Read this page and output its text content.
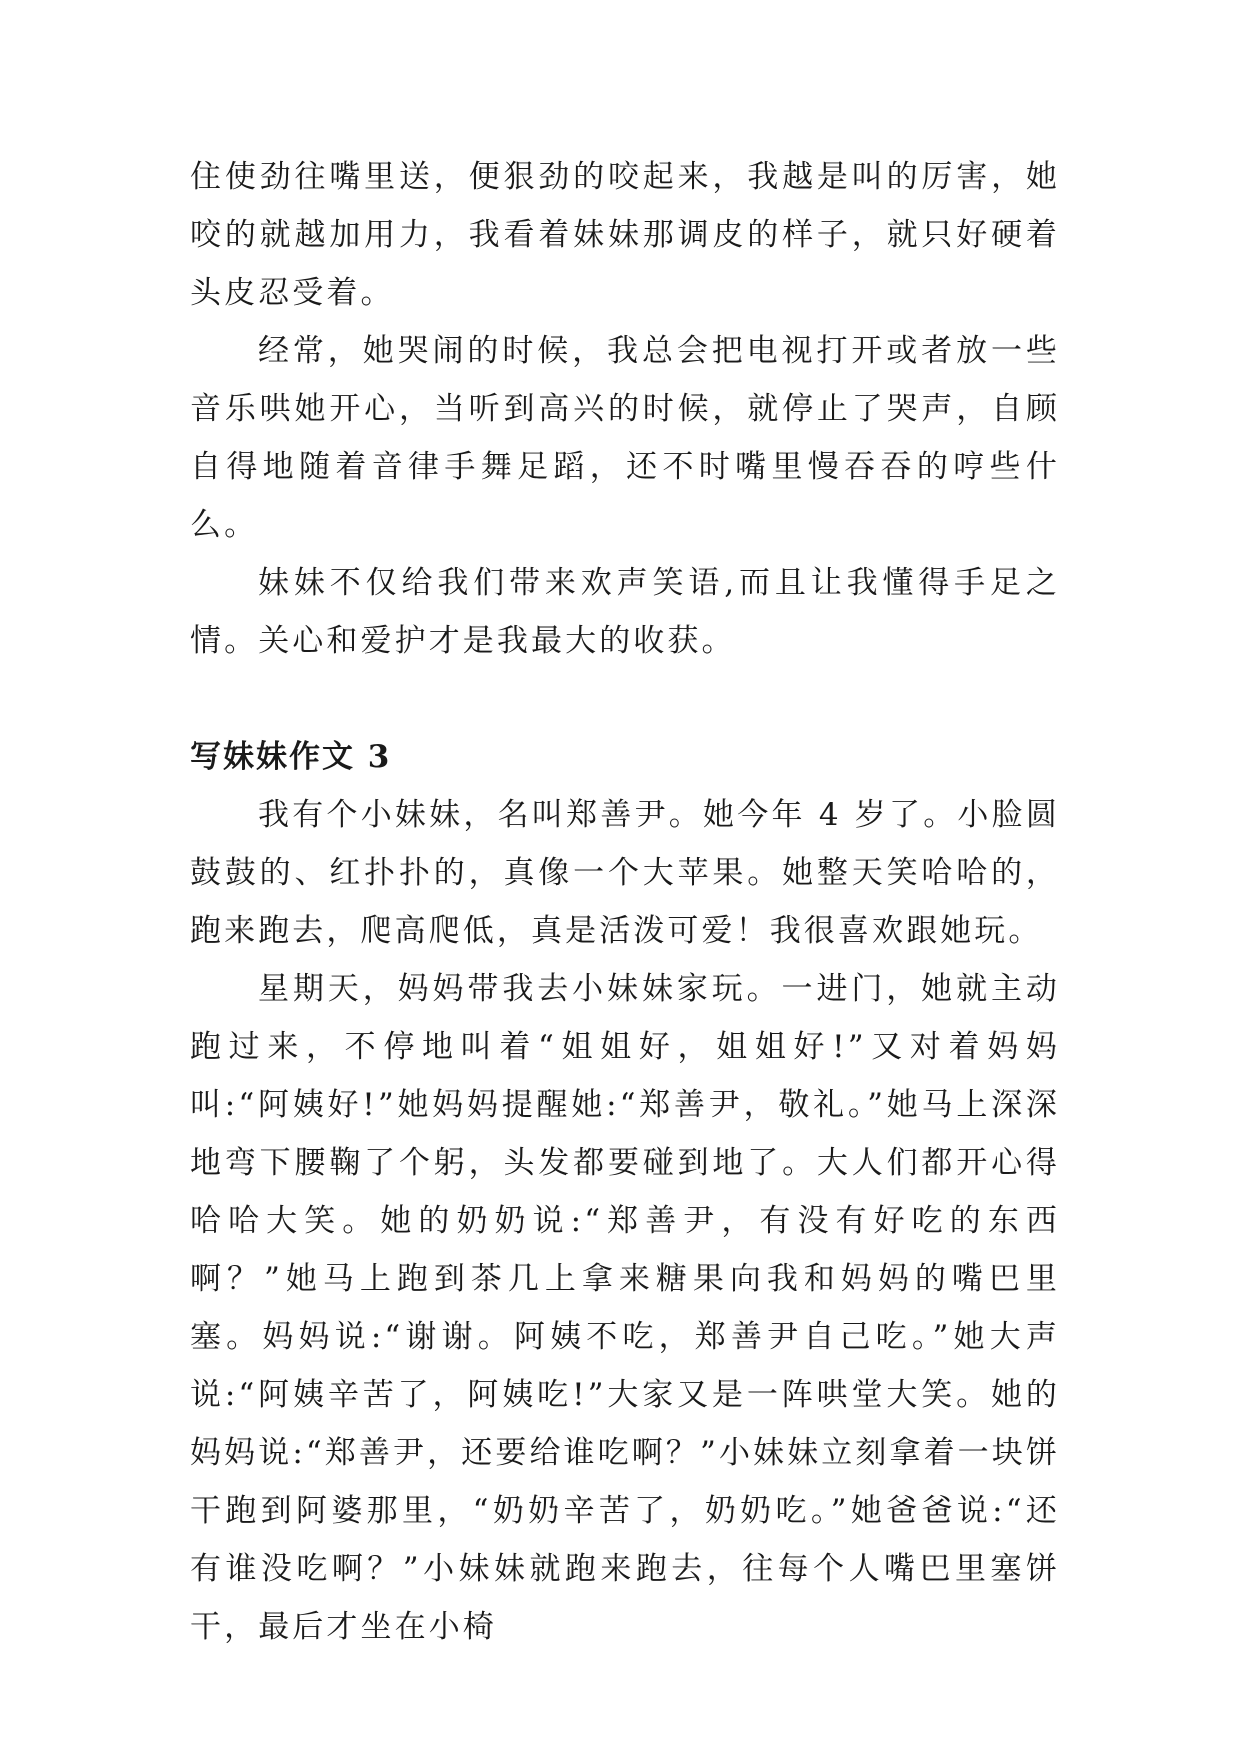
住使劲往嘴里送，便狠劲的咬起来，我越是叫的厉害，她咬的就越加用力，我看着妹妹那调皮的样子，就只好硬着头皮忍受着。

经常，她哭闹的时候，我总会把电视打开或者放一些音乐哄她开心，当听到高兴的时候，就停止了哭声，自顾自得地随着音律手舞足蹈，还不时嘴里慢吞吞的哼些什么。

妹妹不仅给我们带来欢声笑语,而且让我懂得手足之情。关心和爱护才是我最大的收获。

写妹妹作文 3

我有个小妹妹，名叫郑善尹。她今年 4 岁了。小脸圆鼓鼓的、红扑扑的，真像一个大苹果。她整天笑哈哈的，跑来跑去，爬高爬低，真是活泼可爱！我很喜欢跟她玩。

星期天，妈妈带我去小妹妹家玩。一进门，她就主动跑过来，不停地叫着“姐姐好，姐姐好!”又对着妈妈叫:“阿姨好!”她妈妈提醒她:“郑善尹，敬礼。”她马上深深地弯下腰鞠了个躬，头发都要碰到地了。大人们都开心得哈哈大笑。她的奶奶说:“郑善尹，有没有好吃的东西啊？”她马上跑到茶几上拿来糖果向我和妈妈的嘴巴里塞。妈妈说:“谢谢。阿姨不吃，郑善尹自己吃。”她大声说:“阿姨辛苦了，阿姨吃!”大家又是一阵哄堂大笑。她的妈妈说:“郑善尹，还要给谁吃啊？”小妹妹立刻拿着一块饼干跑到阿婆那里，“奶奶辛苦了，奶奶吃。”她爸爸说:“还有谁没吃啊？”小妹妹就跑来跑去，往每个人嘴巴里塞饼干，最后才坐在小椅
